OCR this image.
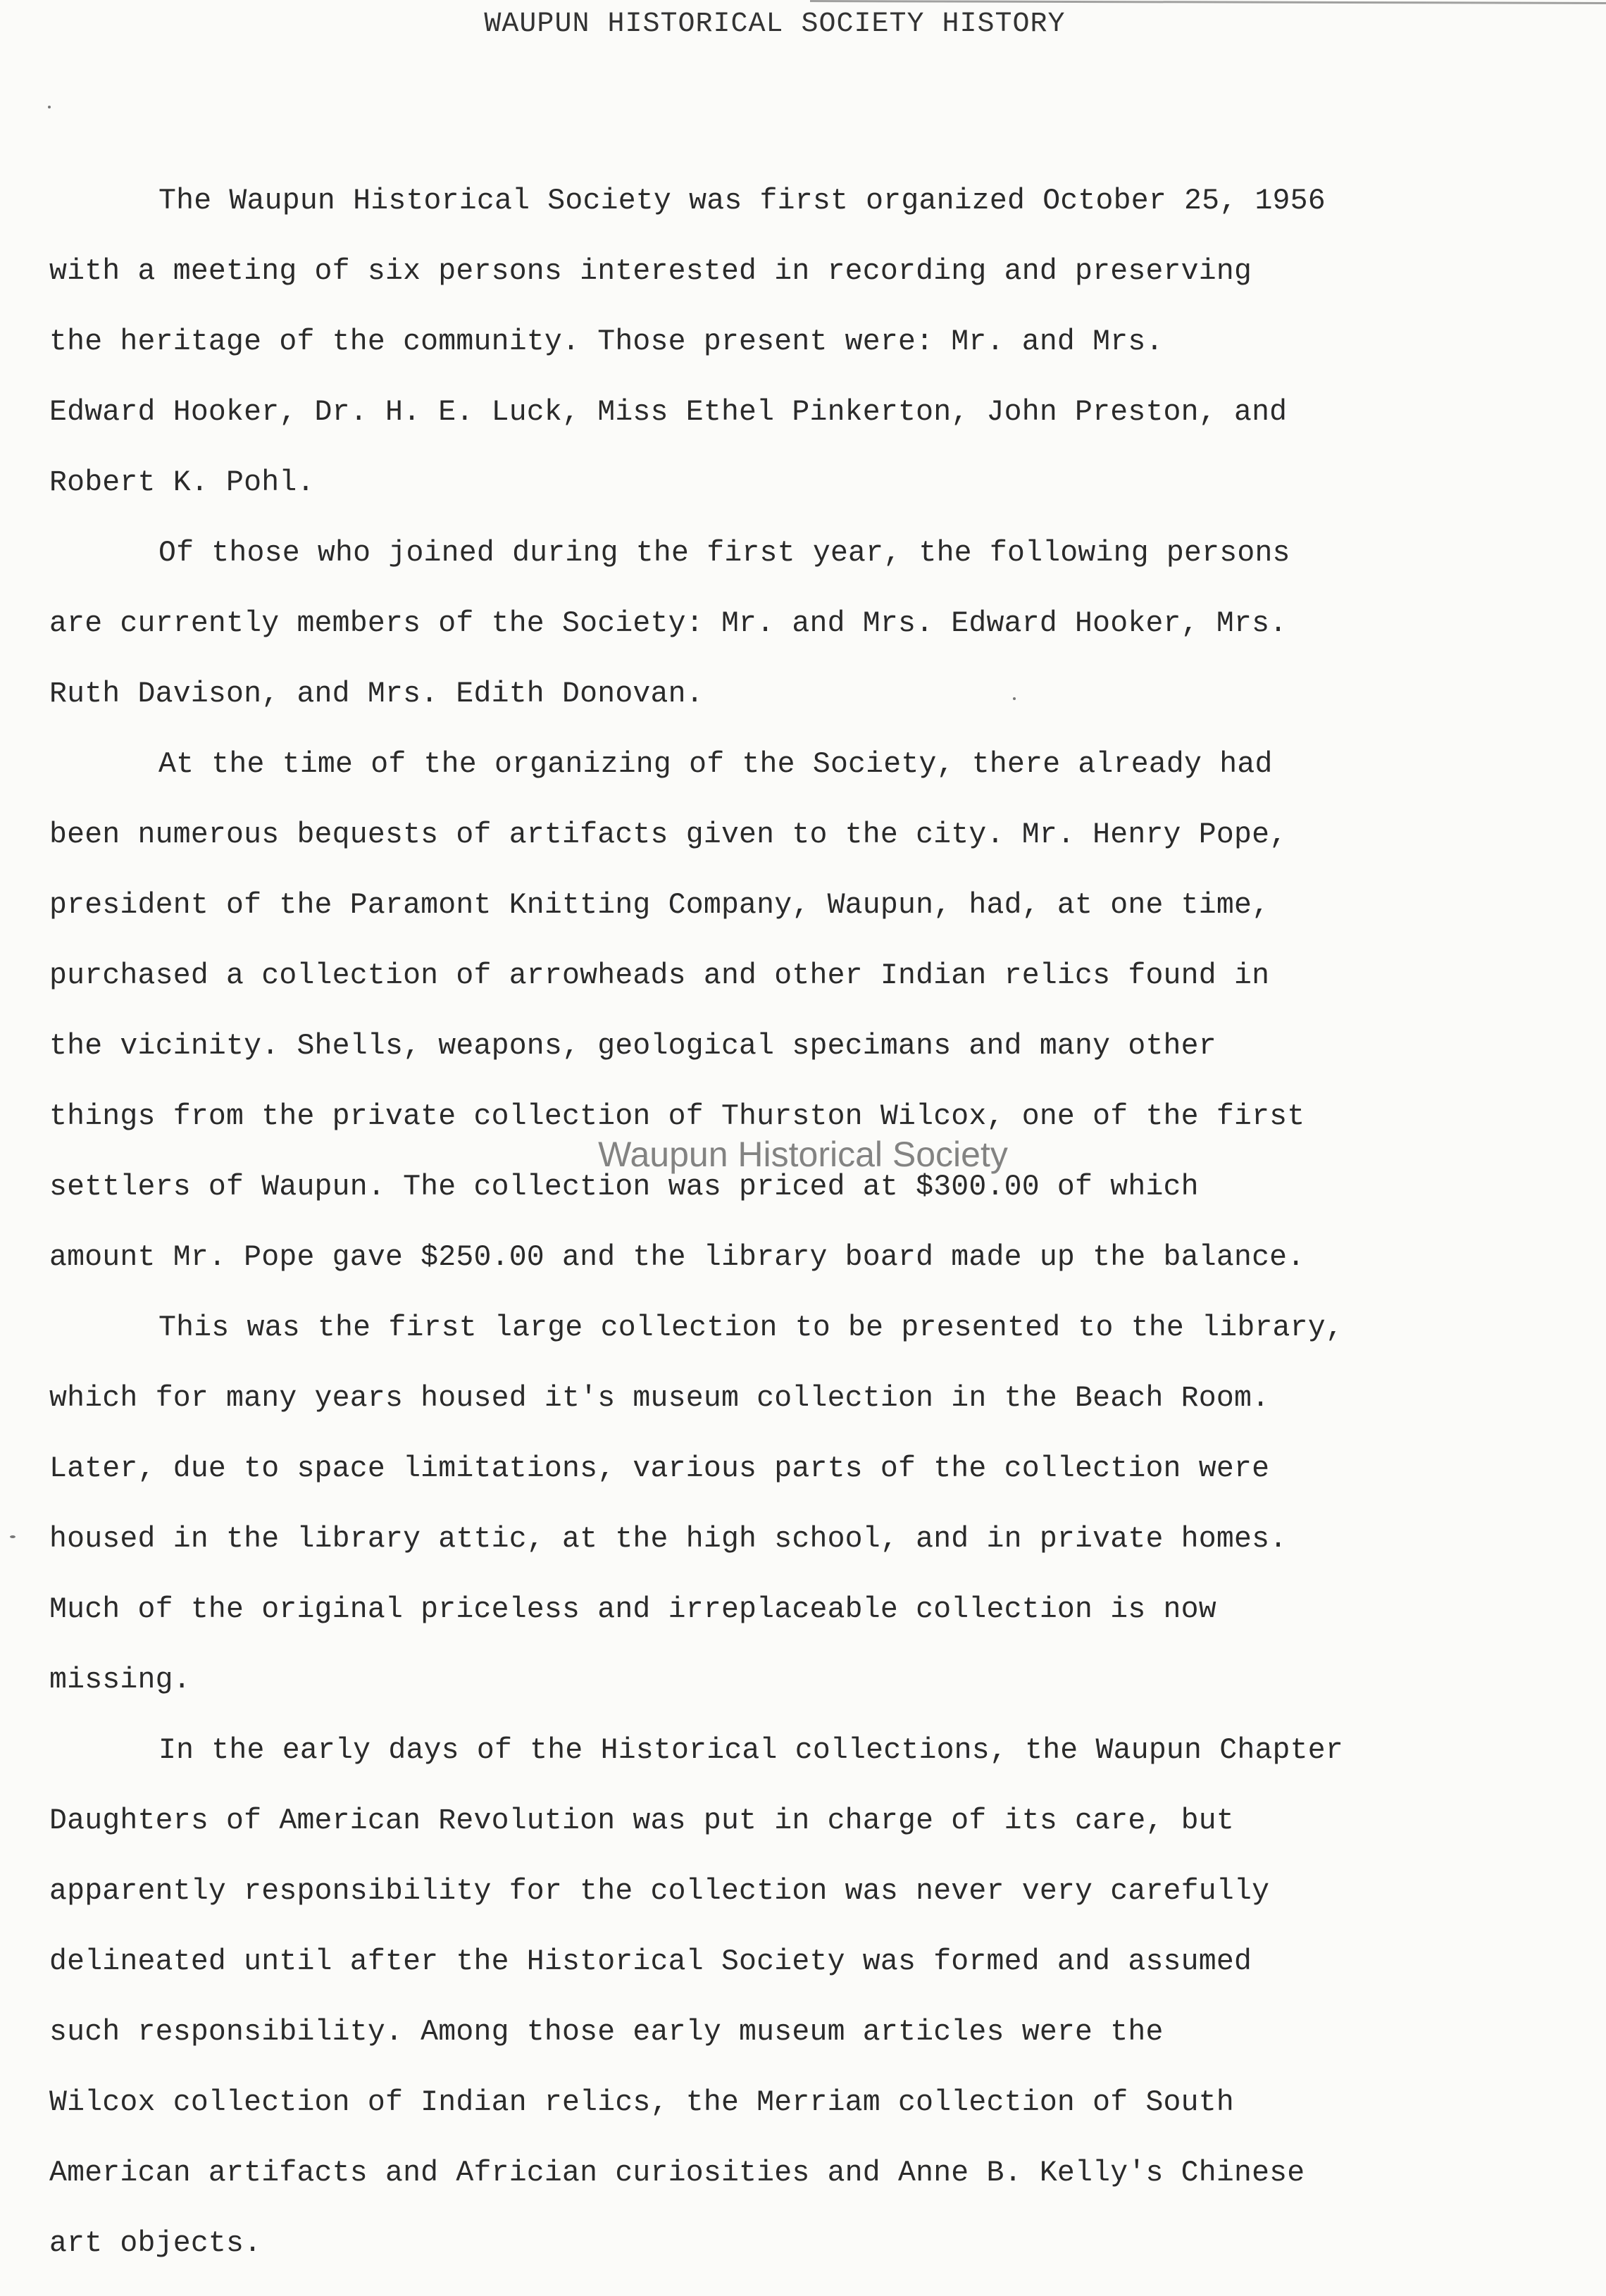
WAUPUN HISTORICAL SOCIETY HISTORY
The Waupun Historical Society was first organized October 25, 1956
with a meeting of six persons interested in recording and preserving
the heritage of the community. Those present were: Mr. and Mrs.
Edward Hooker, Dr. H. E. Luck, Miss Ethel Pinkerton, John Preston, and
Robert K. Pohl.
Of those who joined during the first year, the following persons
are currently members of the Society: Mr. and Mrs. Edward Hooker, Mrs.
Ruth Davison, and Mrs. Edith Donovan.
At the time of the organizing of the Society, there already had
been numerous bequests of artifacts given to the city. Mr. Henry Pope,
president of the Paramont Knitting Company, Waupun, had, at one time,
purchased a collection of arrowheads and other Indian relics found in
the vicinity. Shells, weapons, geological specimans and many other
things from the private collection of Thurston Wilcox, one of the first
settlers of Waupun. The collection was priced at $300.00 of which
amount Mr. Pope gave $250.00 and the library board made up the balance.
This was the first large collection to be presented to the library,
which for many years housed it's museum collection in the Beach Room.
Later, due to space limitations, various parts of the collection were
housed in the library attic, at the high school, and in private homes.
Much of the original priceless and irreplaceable collection is now
missing.
In the early days of the Historical collections, the Waupun Chapter
Daughters of American Revolution was put in charge of its care, but
apparently responsibility for the collection was never very carefully
delineated until after the Historical Society was formed and assumed
such responsibility. Among those early museum articles were the
Wilcox collection of Indian relics, the Merriam collection of South
American artifacts and Africian curiosities and Anne B. Kelly's Chinese
art objects.
Waupun Historical Society
